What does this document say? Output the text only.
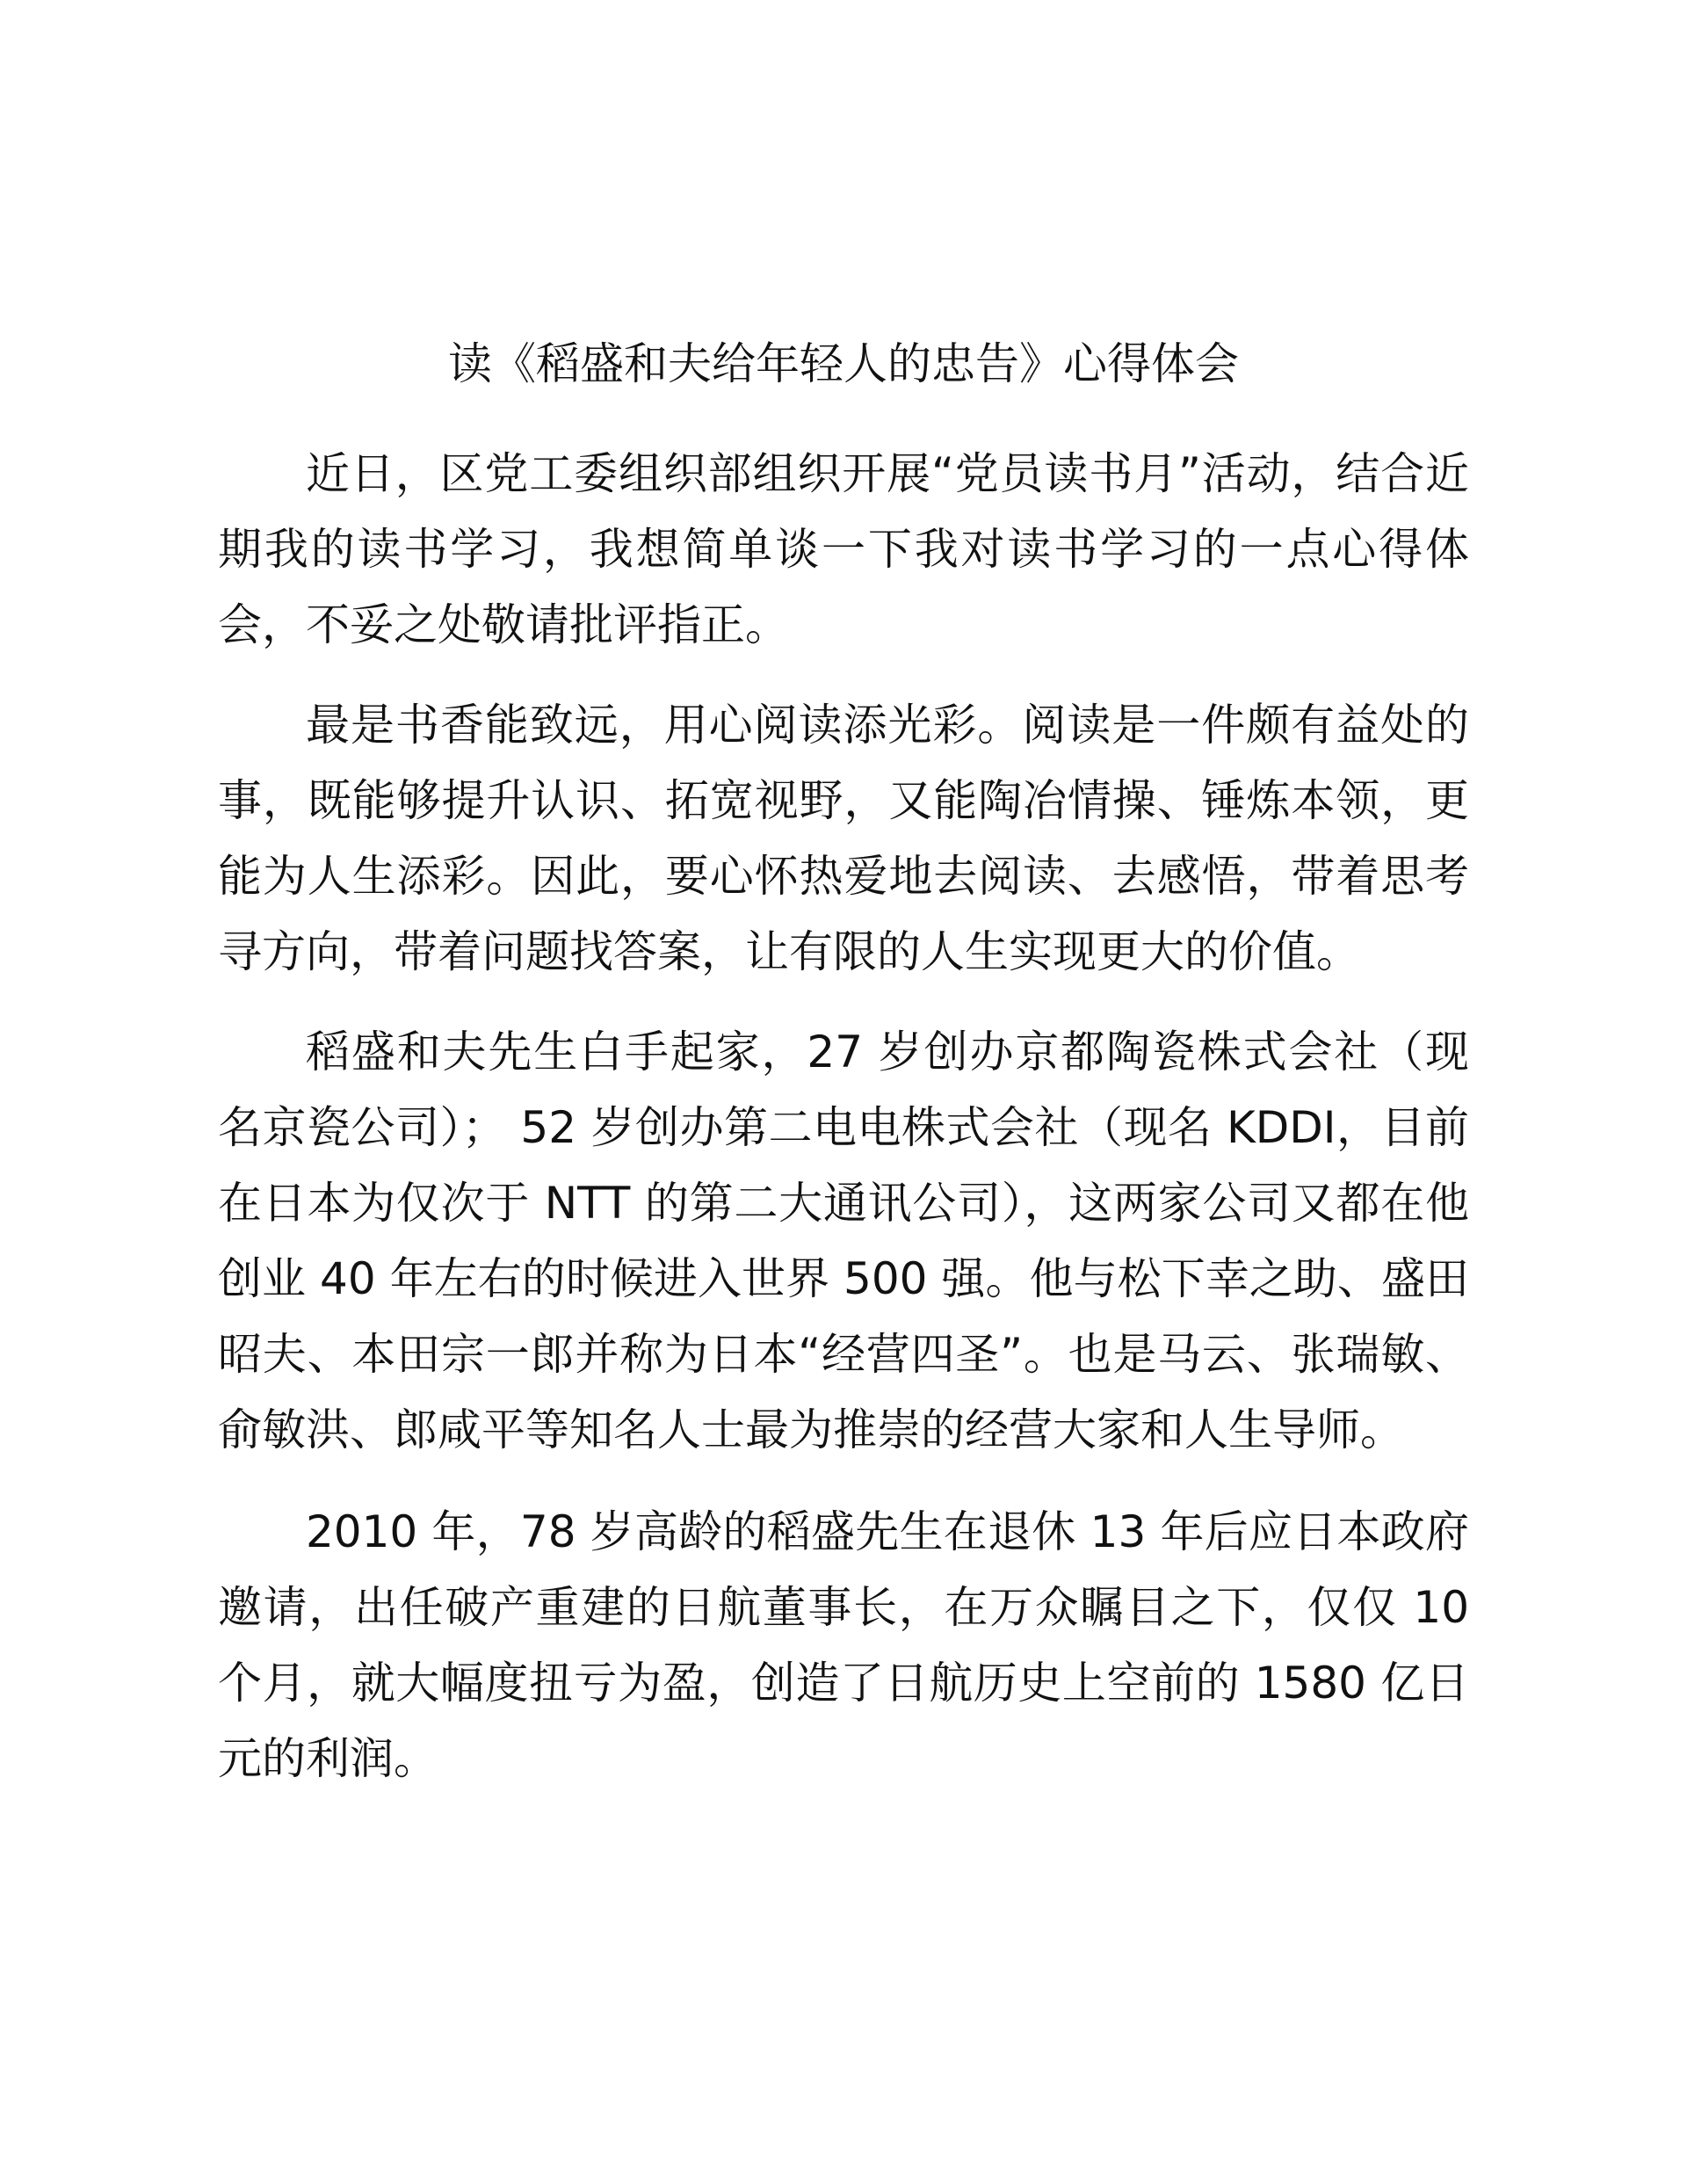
读《稻盛和夫给年轻人的忠告》心得体会

近日，区党工委组织部组织开展“党员读书月”活动，结合近期我的读书学习，我想简单谈一下我对读书学习的一点心得体会，不妥之处敬请批评指正。

最是书香能致远，用心阅读添光彩。阅读是一件颇有益处的事，既能够提升认识、拓宽视野，又能陶冶情操、锤炼本领，更能为人生添彩。因此，要心怀热爱地去阅读、去感悟，带着思考寻方向，带着问题找答案，让有限的人生实现更大的价值。

稻盛和夫先生白手起家，27 岁创办京都陶瓷株式会社（现名京瓷公司）； 52 岁创办第二电电株式会社（现名 KDDI，目前在日本为仅次于 NTT 的第二大通讯公司），这两家公司又都在他创业 40 年左右的时候进入世界 500 强。他与松下幸之助、盛田昭夫、本田宗一郎并称为日本“经营四圣”。也是马云、张瑞敏、俞敏洪、郎咸平等知名人士最为推崇的经营大家和人生导师。

2010 年，78 岁高龄的稻盛先生在退休 13 年后应日本政府邀请，出任破产重建的日航董事长，在万众瞩目之下，仅仅 10 个月，就大幅度扭亏为盈，创造了日航历史上空前的 1580 亿日元的利润。
